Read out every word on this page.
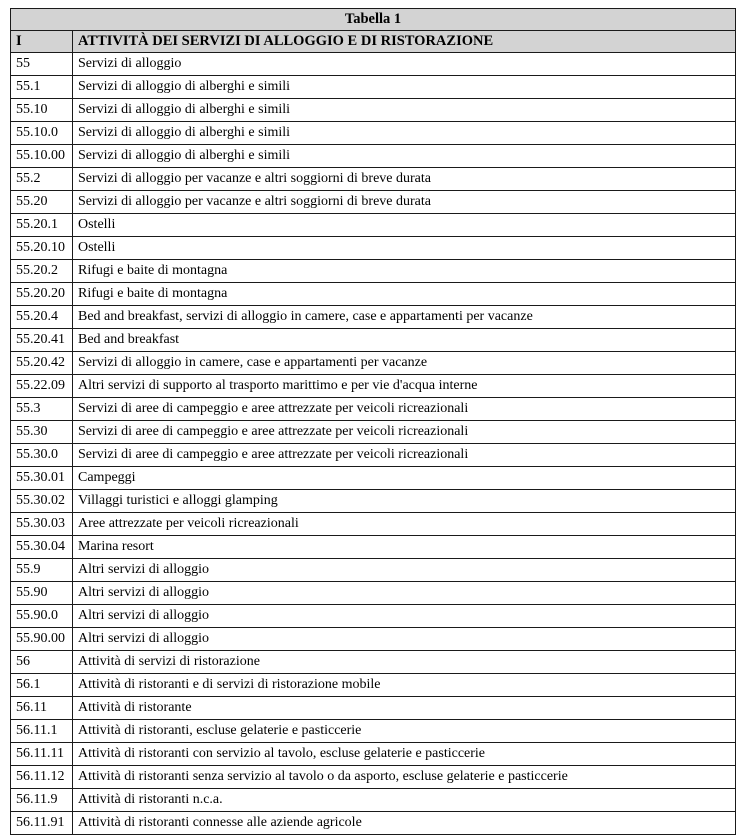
Tabella 1	
I	ATTIVITÀ DEI SERVIZI DI ALLOGGIO E DI RISTORAZIONE
55	Servizi di alloggio
55.1	Servizi di alloggio di alberghi e simili
55.10	Servizi di alloggio di alberghi e simili
55.10.0	Servizi di alloggio di alberghi e simili
55.10.00	Servizi di alloggio di alberghi e simili
55.2	Servizi di alloggio per vacanze e altri soggiorni di breve durata
55.20	Servizi di alloggio per vacanze e altri soggiorni di breve durata
55.20.1	Ostelli
55.20.10	Ostelli
55.20.2	Rifugi e baite di montagna
55.20.20	Rifugi e baite di montagna
55.20.4	Bed and breakfast, servizi di alloggio in camere, case e appartamenti per vacanze
55.20.41	Bed and breakfast
55.20.42	Servizi di alloggio in camere, case e appartamenti per vacanze
55.22.09	Altri servizi di supporto al trasporto marittimo e per vie d'acqua interne
55.3	Servizi di aree di campeggio e aree attrezzate per veicoli ricreazionali
55.30	Servizi di aree di campeggio e aree attrezzate per veicoli ricreazionali
55.30.0	Servizi di aree di campeggio e aree attrezzate per veicoli ricreazionali
55.30.01	Campeggi
55.30.02	Villaggi turistici e alloggi glamping
55.30.03	Aree attrezzate per veicoli ricreazionali
55.30.04	Marina resort
55.9	Altri servizi di alloggio
55.90	Altri servizi di alloggio
55.90.0	Altri servizi di alloggio
55.90.00	Altri servizi di alloggio
56	Attività di servizi di ristorazione
56.1	Attività di ristoranti e di servizi di ristorazione mobile
56.11	Attività di ristorante
56.11.1	Attività di ristoranti, escluse gelaterie e pasticcerie
56.11.11	Attività di ristoranti con servizio al tavolo, escluse gelaterie e pasticcerie
56.11.12	Attività di ristoranti senza servizio al tavolo o da asporto, escluse gelaterie e pasticcerie
56.11.9	Attività di ristoranti n.c.a.
56.11.91	Attività di ristoranti connesse alle aziende agricole
